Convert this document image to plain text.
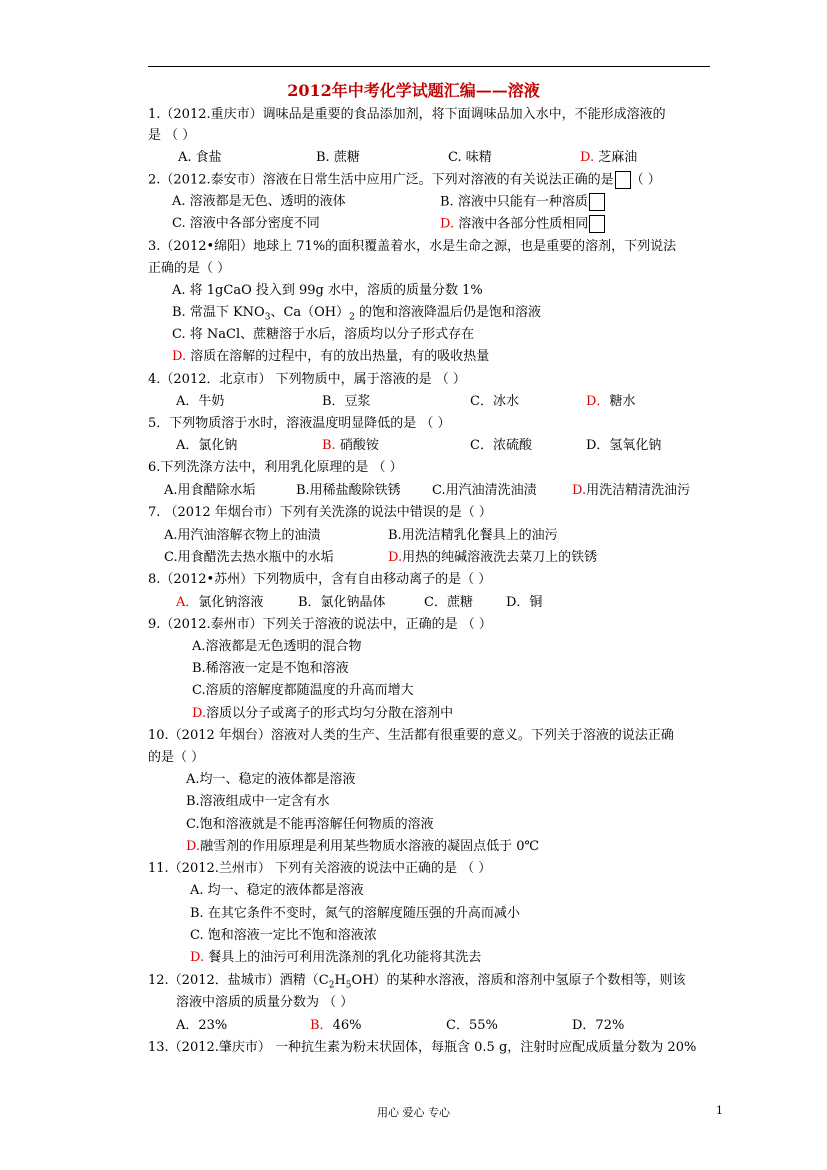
2012年中考化学试题汇编——溶液
1.（2012.重庆市）调味品是重要的食品添加剂，将下面调味品加入水中，不能形成溶液的
是 （ ）
A. 食盐	B. 蔗糖	C. 味精	D. 芝麻油
2.（2012.泰安市）溶液在日常生活中应用广泛。下列对溶液的有关说法正确的是 （ ）
A. 溶液都是无色、透明的液体	B. 溶液中只能有一种溶质
C. 溶液中各部分密度不同	D. 溶液中各部分性质相同
3.（2012•绵阳）地球上 71%的面积覆盖着水，水是生命之源，也是重要的溶剂，下列说法
正确的是（ ）
A. 将 1gCaO 投入到 99g 水中，溶质的质量分数 1%
B. 常温下 $KNO_3$、$Ca(OH)_2$ 的饱和溶液降温后仍是饱和溶液
C. 将 NaCl、蔗糖溶于水后，溶质均以分子形式存在
D. 溶质在溶解的过程中，有的放出热量，有的吸收热量
4.（2012．北京市） 下列物质中，属于溶液的是 （ ）
A．牛奶	B．豆浆	C．冰水	D．糖水
5．下列物质溶于水时，溶液温度明显降低的是 （ ）
A．氯化钠	B. 硝酸铵	C．浓硫酸	D．氢氧化钠
6.下列洗涤方法中，利用乳化原理的是 （ ）
A.用食醋除水垢	B.用稀盐酸除铁锈 C.用汽油清洗油渍	D.用洗洁精清洗油污
7. （2012 年烟台市）下列有关洗涤的说法中错误的是（ ）
A.用汽油溶解衣物上的油渍	B.用洗洁精乳化餐具上的油污
C.用食醋洗去热水瓶中的水垢	D.用热的纯碱溶液洗去菜刀上的铁锈
8.（2012•苏州）下列物质中，含有自由移动离子的是（ ）
A．氯化钠溶液	B．氯化钠晶体	C．蔗糖	D．铜
9.（2012.泰州市）下列关于溶液的说法中，正确的是 （ ）
A.溶液都是无色透明的混合物
B.稀溶液一定是不饱和溶液
C.溶质的溶解度都随温度的升高而增大
D.溶质以分子或离子的形式均匀分散在溶剂中
10.（2012 年烟台）溶液对人类的生产、生活都有很重要的意义。下列关于溶液的说法正确
的是（ ）
A.均一、稳定的液体都是溶液
B.溶液组成中一定含有水
C.饱和溶液就是不能再溶解任何物质的溶液
D.融雪剂的作用原理是利用某些物质水溶液的凝固点低于 0℃
11.（2012.兰州市） 下列有关溶液的说法中正确的是 （ ）
A. 均一、稳定的液体都是溶液
B. 在其它条件不变时，氮气的溶解度随压强的升高而减小
C. 饱和溶液一定比不饱和溶液浓
D. 餐具上的油污可利用洗涤剂的乳化功能将其洗去
12.（2012．盐城市）酒精$(C_2H_5OH)$的某种水溶液，溶质和溶剂中氢原子个数相等，则该
溶液中溶质的质量分数为 （ ）
A．23%	B．46%	C．55%	D．72%
13.（2012.肇庆市） 一种抗生素为粉末状固体，每瓶含 0.5 g，注射时应配成质量分数为 20%
用心 爱心 专心	1
